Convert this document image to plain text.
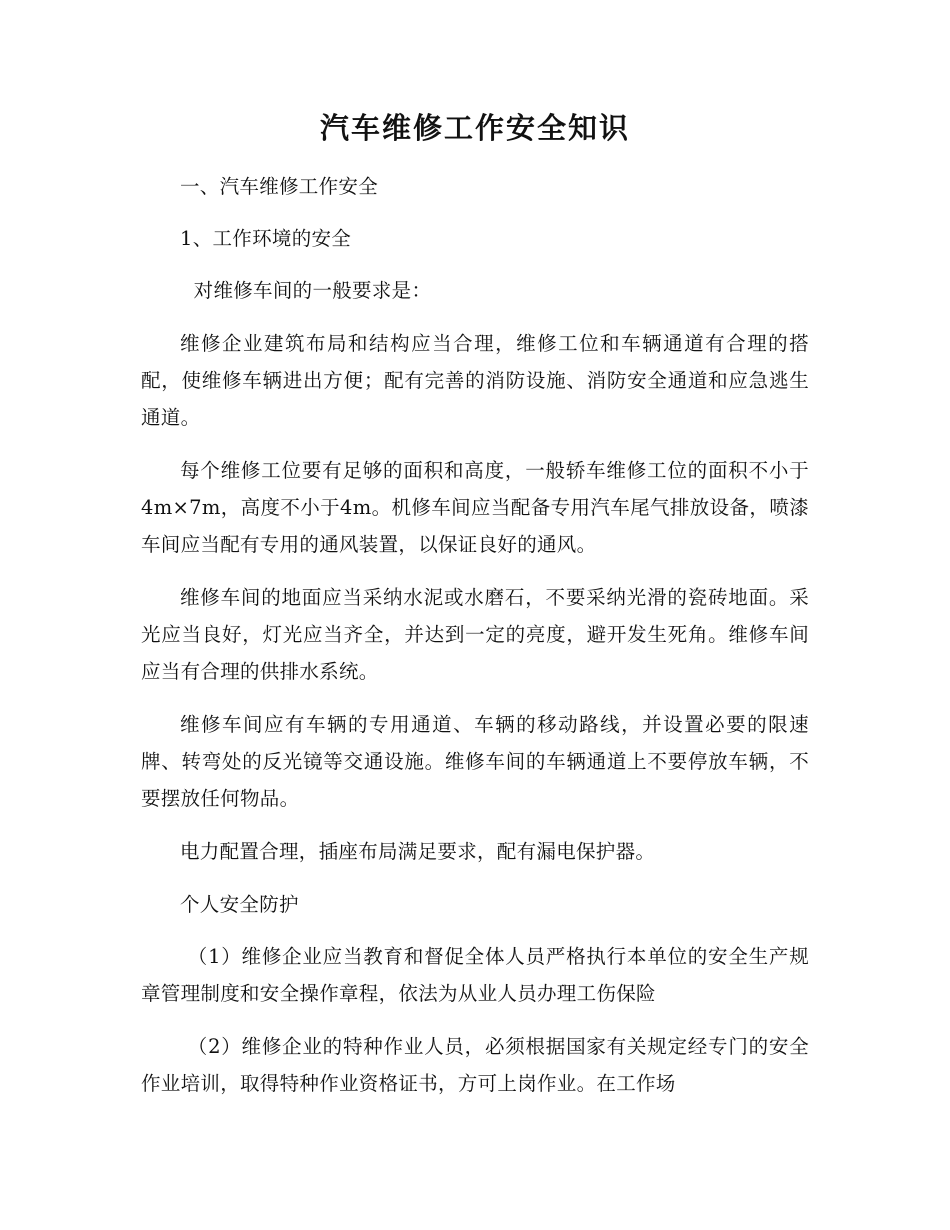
汽车维修工作安全知识

一、汽车维修工作安全

1、工作环境的安全

对维修车间的一般要求是：

维修企业建筑布局和结构应当合理，维修工位和车辆通道有合理的搭配，使维修车辆进出方便；配有完善的消防设施、消防安全通道和应急逃生通道。

每个维修工位要有足够的面积和高度，一般轿车维修工位的面积不小于4m×7m，高度不小于4m。机修车间应当配备专用汽车尾气排放设备，喷漆车间应当配有专用的通风装置，以保证良好的通风。

维修车间的地面应当采纳水泥或水磨石，不要采纳光滑的瓷砖地面。采光应当良好，灯光应当齐全，并达到一定的亮度，避开发生死角。维修车间应当有合理的供排水系统。

维修车间应有车辆的专用通道、车辆的移动路线，并设置必要的限速牌、转弯处的反光镜等交通设施。维修车间的车辆通道上不要停放车辆，不要摆放任何物品。

电力配置合理，插座布局满足要求，配有漏电保护器。

个人安全防护

（1）维修企业应当教育和督促全体人员严格执行本单位的安全生产规章管理制度和安全操作章程，依法为从业人员办理工伤保险

（2）维修企业的特种作业人员，必须根据国家有关规定经专门的安全作业培训，取得特种作业资格证书，方可上岗作业。在工作场
